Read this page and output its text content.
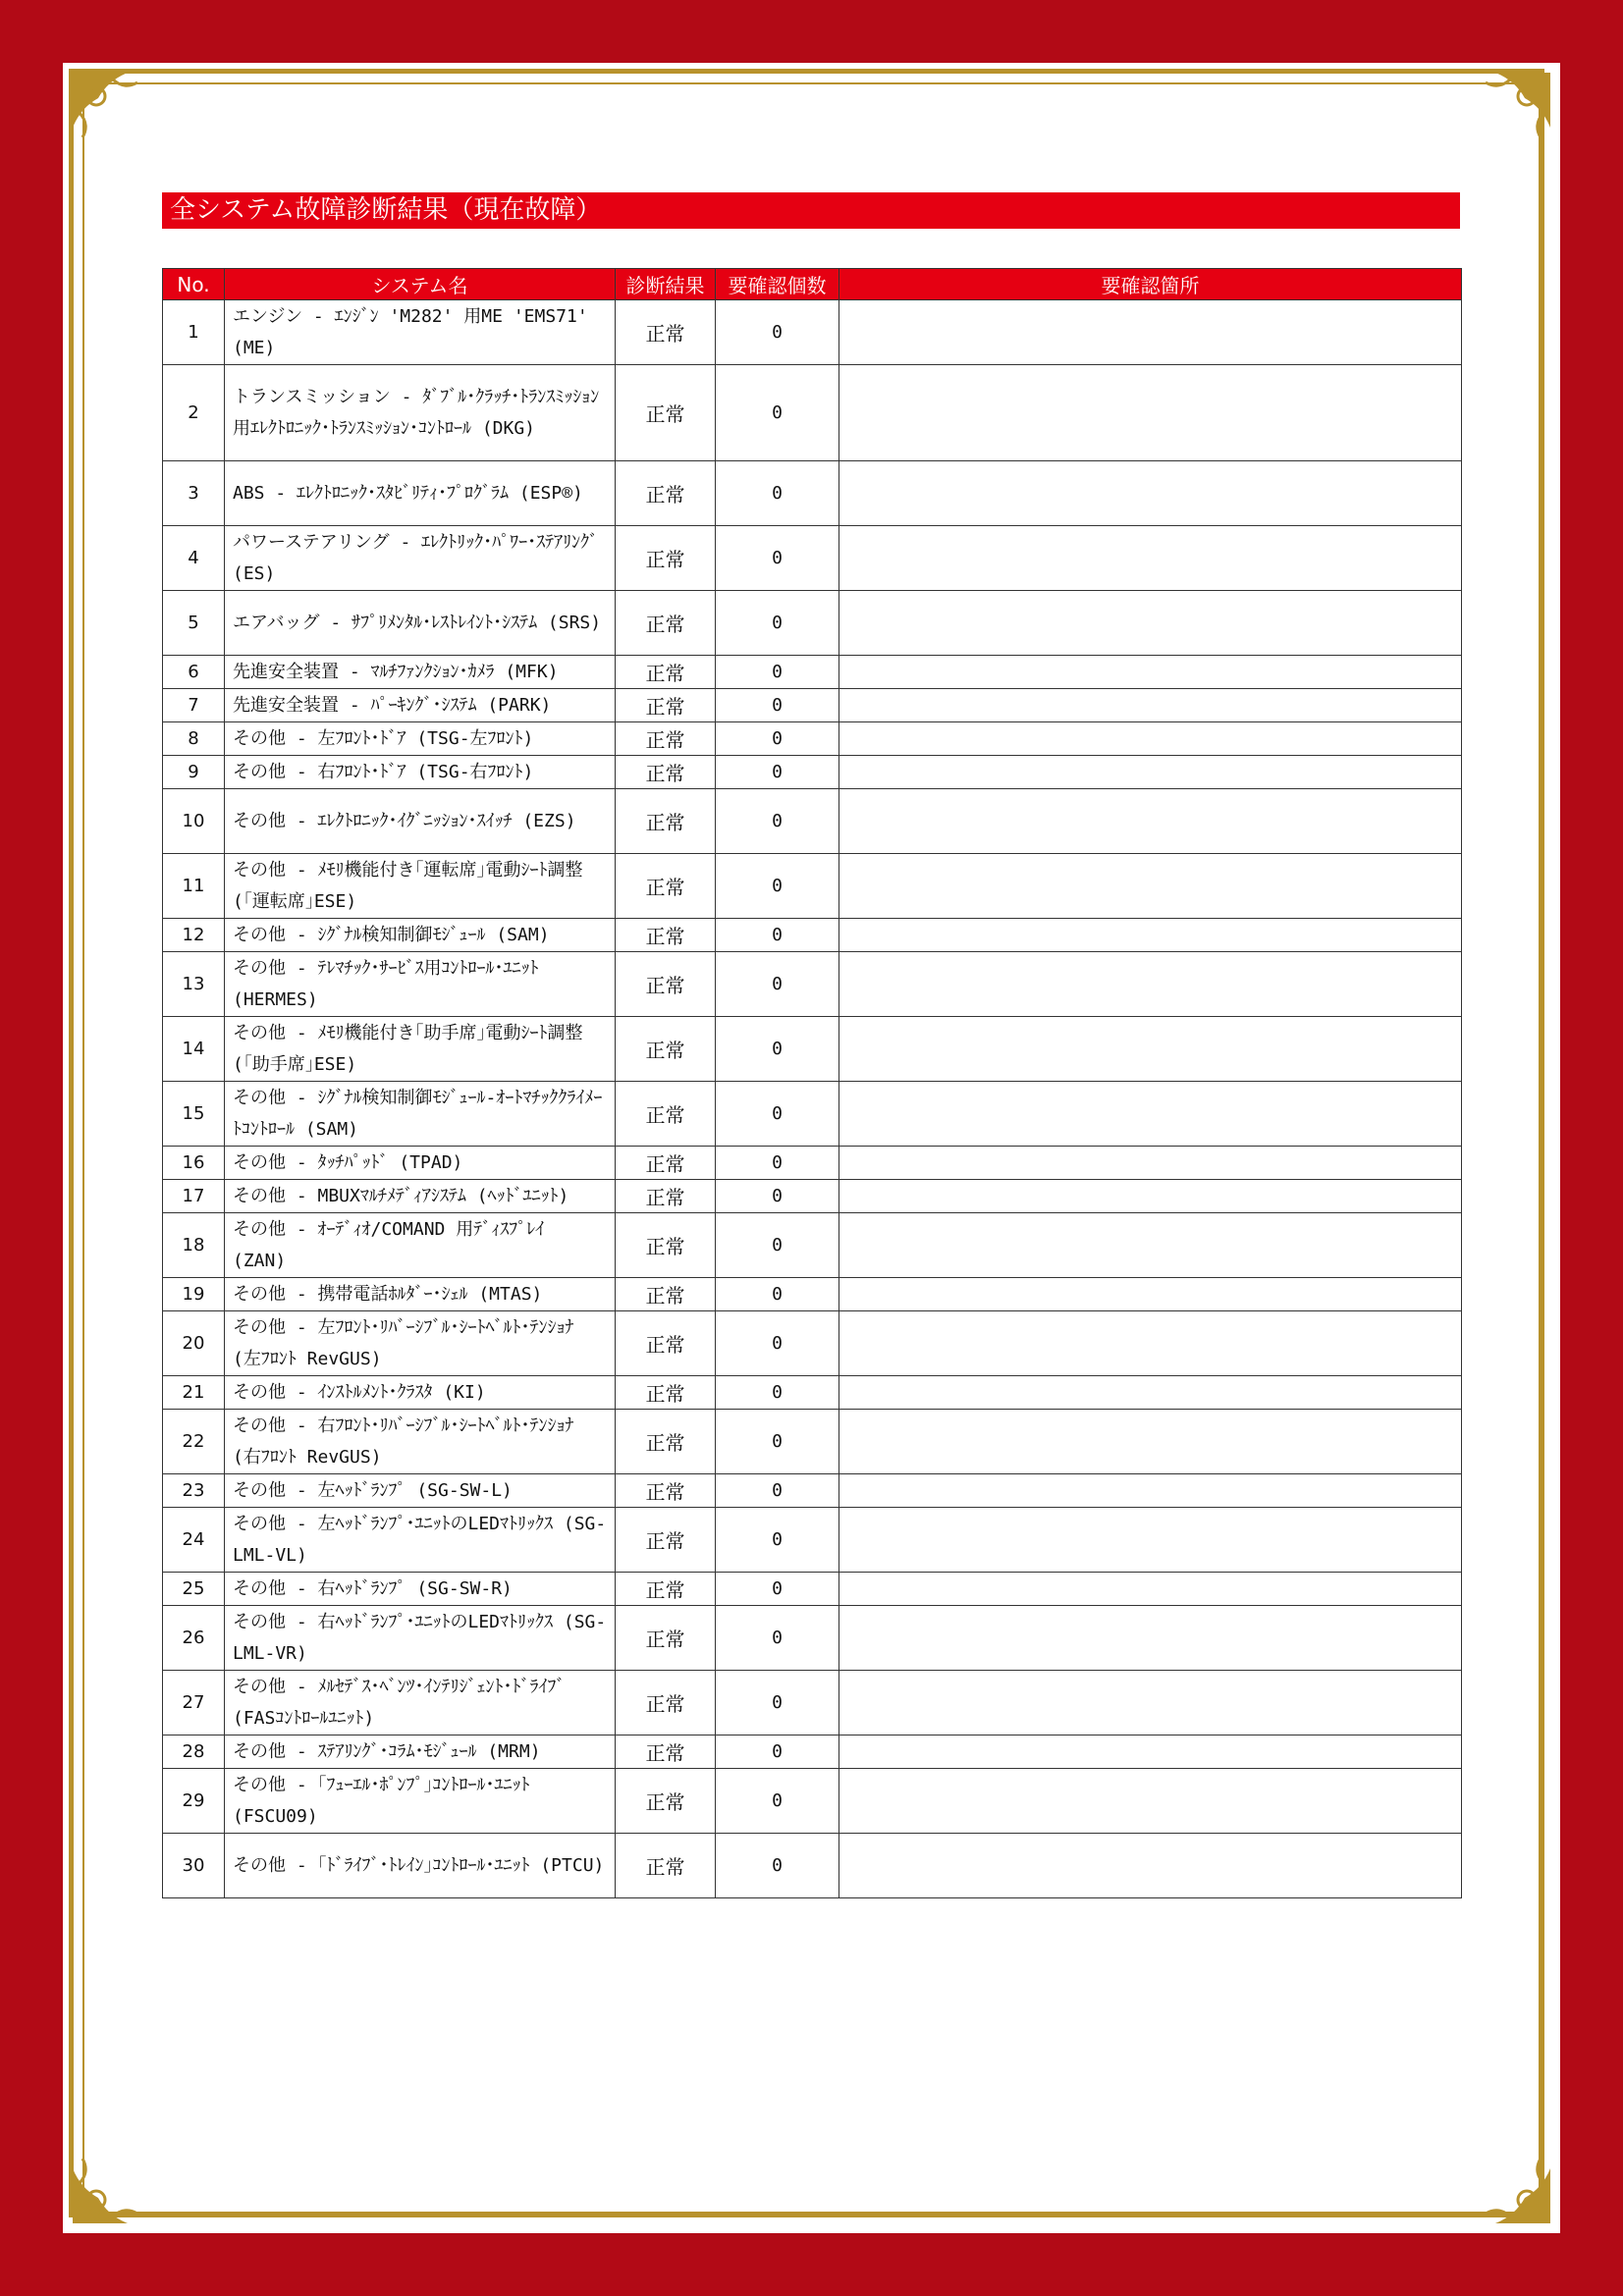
全システム故障診断結果（現在故障）
No.	システム名	診断結果	要確認個数	要確認箇所
1	エンジン - ｴﾝｼﾞﾝ 'M282' 用ME 'EMS71' (ME)	正常	0	
2	トランスミッション - ﾀﾞﾌﾞﾙ･ｸﾗｯﾁ･ﾄﾗﾝｽﾐｯｼｮﾝ用ｴﾚｸﾄﾛﾆｯｸ･ﾄﾗﾝｽﾐｯｼｮﾝ･ｺﾝﾄﾛｰﾙ (DKG)	正常	0	
3	ABS - ｴﾚｸﾄﾛﾆｯｸ･ｽﾀﾋﾞﾘﾃｨ･ﾌﾟﾛｸﾞﾗﾑ (ESP®)	正常	0	
4	パワーステアリング - ｴﾚｸﾄﾘｯｸ･ﾊﾟﾜｰ･ｽﾃｱﾘﾝｸﾞ (ES)	正常	0	
5	エアバッグ - ｻﾌﾟﾘﾒﾝﾀﾙ･ﾚｽﾄﾚｲﾝﾄ･ｼｽﾃﾑ (SRS)	正常	0	
6	先進安全装置 - ﾏﾙﾁﾌｧﾝｸｼｮﾝ･ｶﾒﾗ (MFK)	正常	0	
7	先進安全装置 - ﾊﾟｰｷﾝｸﾞ･ｼｽﾃﾑ (PARK)	正常	0	
8	その他 - 左ﾌﾛﾝﾄ･ﾄﾞｱ (TSG-左ﾌﾛﾝﾄ)	正常	0	
9	その他 - 右ﾌﾛﾝﾄ･ﾄﾞｱ (TSG-右ﾌﾛﾝﾄ)	正常	0	
10	その他 - ｴﾚｸﾄﾛﾆｯｸ･ｲｸﾞﾆｯｼｮﾝ･ｽｲｯﾁ (EZS)	正常	0	
11	その他 - ﾒﾓﾘ機能付き｢運転席｣電動ｼｰﾄ調整 (｢運転席｣ESE)	正常	0	
12	その他 - ｼｸﾞﾅﾙ検知制御ﾓｼﾞｭｰﾙ (SAM)	正常	0	
13	その他 - ﾃﾚﾏﾁｯｸ･ｻｰﾋﾞｽ用ｺﾝﾄﾛｰﾙ･ﾕﾆｯﾄ (HERMES)	正常	0	
14	その他 - ﾒﾓﾘ機能付き｢助手席｣電動ｼｰﾄ調整 (｢助手席｣ESE)	正常	0	
15	その他 - ｼｸﾞﾅﾙ検知制御ﾓｼﾞｭｰﾙ-ｵｰﾄﾏﾁｯｸｸﾗｲﾒｰﾄｺﾝﾄﾛｰﾙ (SAM)	正常	0	
16	その他 - ﾀｯﾁﾊﾟｯﾄﾞ (TPAD)	正常	0	
17	その他 - MBUXﾏﾙﾁﾒﾃﾞｨｱｼｽﾃﾑ (ﾍｯﾄﾞﾕﾆｯﾄ)	正常	0	
18	その他 - ｵｰﾃﾞｨｵ/COMAND 用ﾃﾞｨｽﾌﾟﾚｲ (ZAN)	正常	0	
19	その他 - 携帯電話ﾎﾙﾀﾞｰ･ｼｪﾙ (MTAS)	正常	0	
20	その他 - 左ﾌﾛﾝﾄ･ﾘﾊﾞｰｼﾌﾞﾙ･ｼｰﾄﾍﾞﾙﾄ･ﾃﾝｼｮﾅ (左ﾌﾛﾝﾄ RevGUS)	正常	0	
21	その他 - ｲﾝｽﾄﾙﾒﾝﾄ･ｸﾗｽﾀ (KI)	正常	0	
22	その他 - 右ﾌﾛﾝﾄ･ﾘﾊﾞｰｼﾌﾞﾙ･ｼｰﾄﾍﾞﾙﾄ･ﾃﾝｼｮﾅ (右ﾌﾛﾝﾄ RevGUS)	正常	0	
23	その他 - 左ﾍｯﾄﾞﾗﾝﾌﾟ (SG-SW-L)	正常	0	
24	その他 - 左ﾍｯﾄﾞﾗﾝﾌﾟ･ﾕﾆｯﾄのLEDﾏﾄﾘｯｸｽ (SG-LML-VL)	正常	0	
25	その他 - 右ﾍｯﾄﾞﾗﾝﾌﾟ (SG-SW-R)	正常	0	
26	その他 - 右ﾍｯﾄﾞﾗﾝﾌﾟ･ﾕﾆｯﾄのLEDﾏﾄﾘｯｸｽ (SG-LML-VR)	正常	0	
27	その他 - ﾒﾙｾﾃﾞｽ･ﾍﾞﾝﾂ･ｲﾝﾃﾘｼﾞｪﾝﾄ･ﾄﾞﾗｲﾌﾞ (FASｺﾝﾄﾛｰﾙﾕﾆｯﾄ)	正常	0	
28	その他 - ｽﾃｱﾘﾝｸﾞ･ｺﾗﾑ･ﾓｼﾞｭｰﾙ (MRM)	正常	0	
29	その他 - ｢ﾌｭｰｴﾙ･ﾎﾟﾝﾌﾟ｣ｺﾝﾄﾛｰﾙ･ﾕﾆｯﾄ (FSCU09)	正常	0	
30	その他 - ｢ﾄﾞﾗｲﾌﾞ･ﾄﾚｲﾝ｣ｺﾝﾄﾛｰﾙ･ﾕﾆｯﾄ (PTCU)	正常	0	
